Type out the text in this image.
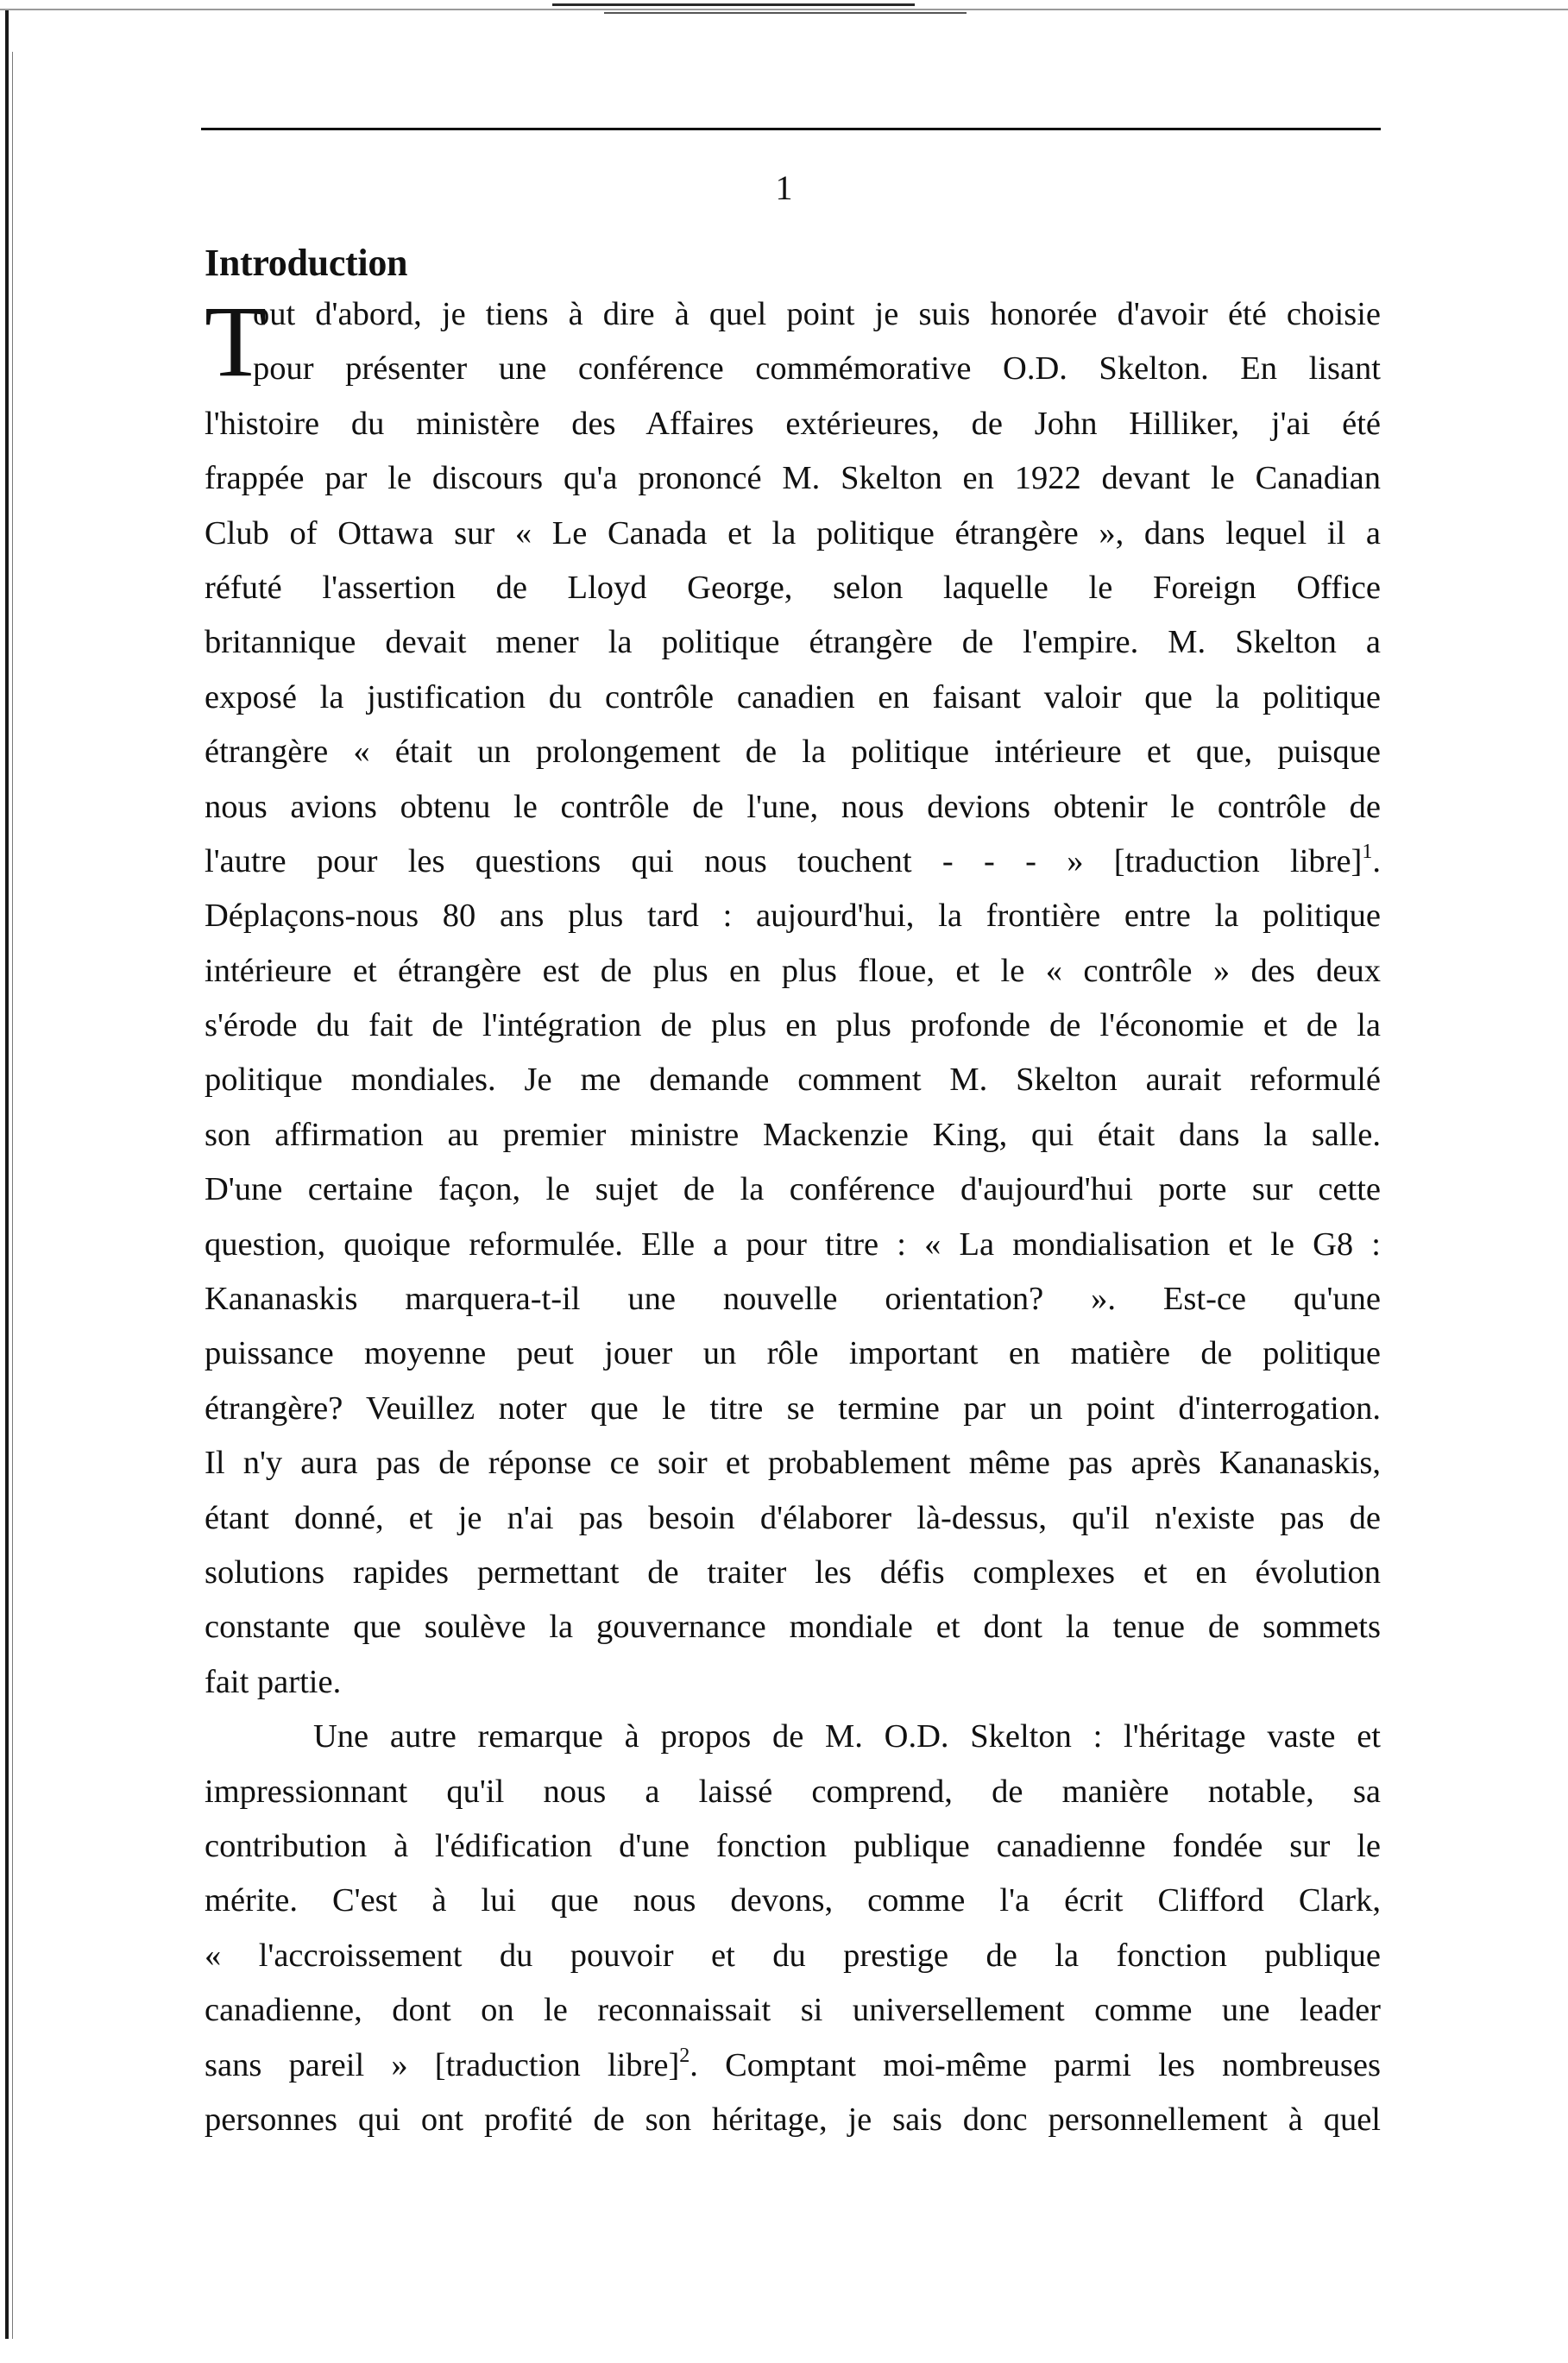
1
Introduction
T
out d'abord, je tiens à dire à quel point je suis honorée d'avoir été choisie
pour présenter une conférence commémorative O.D. Skelton. En lisant
l'histoire du ministère des Affaires extérieures, de John Hilliker, j'ai été
frappée par le discours qu'a prononcé M. Skelton en 1922 devant le Canadian
Club of Ottawa sur « Le Canada et la politique étrangère », dans lequel il a
réfuté l'assertion de Lloyd George, selon laquelle le Foreign Office
britannique devait mener la politique étrangère de l'empire. M. Skelton a
exposé la justification du contrôle canadien en faisant valoir que la politique
étrangère « était un prolongement de la politique intérieure et que, puisque
nous avions obtenu le contrôle de l'une, nous devions obtenir le contrôle de
l'autre pour les questions qui nous touchent - - - » [traduction libre]$^1$.
Déplaçons-nous 80 ans plus tard : aujourd'hui, la frontière entre la politique
intérieure et étrangère est de plus en plus floue, et le « contrôle » des deux
s'érode du fait de l'intégration de plus en plus profonde de l'économie et de la
politique mondiales. Je me demande comment M. Skelton aurait reformulé
son affirmation au premier ministre Mackenzie King, qui était dans la salle.
D'une certaine façon, le sujet de la conférence d'aujourd'hui porte sur cette
question, quoique reformulée. Elle a pour titre : « La mondialisation et le G8 :
Kananaskis marquera-t-il une nouvelle orientation? ». Est-ce qu'une
puissance moyenne peut jouer un rôle important en matière de politique
étrangère? Veuillez noter que le titre se termine par un point d'interrogation.
Il n'y aura pas de réponse ce soir et probablement même pas après Kananaskis,
étant donné, et je n'ai pas besoin d'élaborer là-dessus, qu'il n'existe pas de
solutions rapides permettant de traiter les défis complexes et en évolution
constante que soulève la gouvernance mondiale et dont la tenue de sommets
fait partie.
Une autre remarque à propos de M. O.D. Skelton : l'héritage vaste et
impressionnant qu'il nous a laissé comprend, de manière notable, sa
contribution à l'édification d'une fonction publique canadienne fondée sur le
mérite. C'est à lui que nous devons, comme l'a écrit Clifford Clark,
« l'accroissement du pouvoir et du prestige de la fonction publique
canadienne, dont on le reconnaissait si universellement comme une leader
sans pareil » [traduction libre]$^2$. Comptant moi-même parmi les nombreuses
personnes qui ont profité de son héritage, je sais donc personnellement à quel
